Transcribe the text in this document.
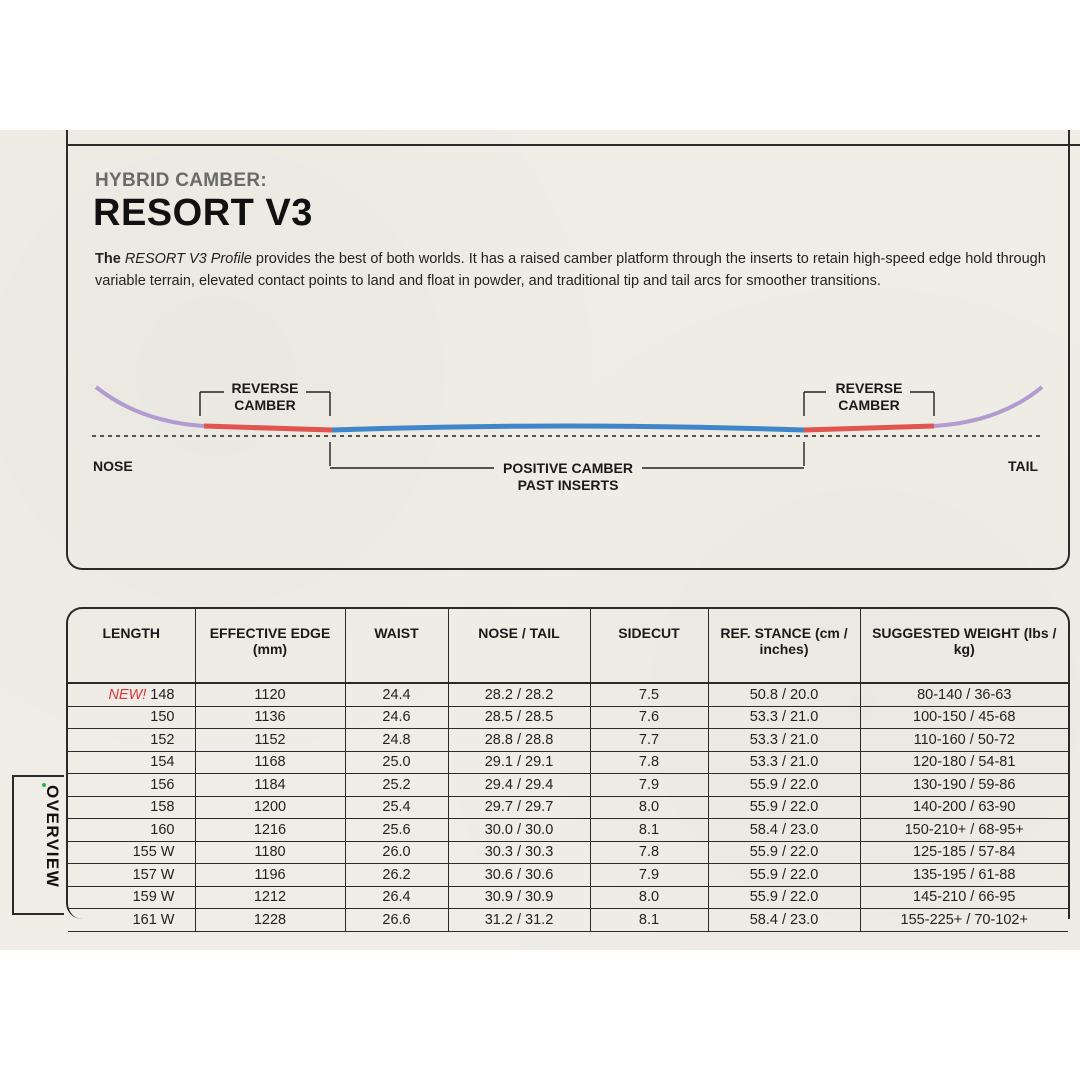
HYBRID CAMBER:
RESORT V3
The RESORT V3 Profile provides the best of both worlds. It has a raised camber platform through the inserts to retain high-speed edge hold through variable terrain, elevated contact points to land and float in powder, and traditional tip and tail arcs for smoother transitions.
REVERSE
CAMBER
REVERSE
CAMBER
POSITIVE CAMBER
PAST INSERTS
NOSE	TAIL
LENGTH	EFFECTIVE EDGE (mm)	WAIST	NOSE / TAIL	SIDECUT	REF. STANCE (cm / inches)	SUGGESTED WEIGHT (lbs / kg)
NEW! 148	1120	24.4	28.2 / 28.2	7.5	50.8 / 20.0	80-140 / 36-63
150	1136	24.6	28.5 / 28.5	7.6	53.3 / 21.0	100-150 / 45-68
152	1152	24.8	28.8 / 28.8	7.7	53.3 / 21.0	110-160 / 50-72
154	1168	25.0	29.1 / 29.1	7.8	53.3 / 21.0	120-180 / 54-81
156	1184	25.2	29.4 / 29.4	7.9	55.9 / 22.0	130-190 / 59-86
158	1200	25.4	29.7 / 29.7	8.0	55.9 / 22.0	140-200 / 63-90
160	1216	25.6	30.0 / 30.0	8.1	58.4 / 23.0	150-210+ / 68-95+
155 W	1180	26.0	30.3 / 30.3	7.8	55.9 / 22.0	125-185 / 57-84
157 W	1196	26.2	30.6 / 30.6	7.9	55.9 / 22.0	135-195 / 61-88
159 W	1212	26.4	30.9 / 30.9	8.0	55.9 / 22.0	145-210 / 66-95
161 W	1228	26.6	31.2 / 31.2	8.1	58.4 / 23.0	155-225+ / 70-102+
OVERVIEW
